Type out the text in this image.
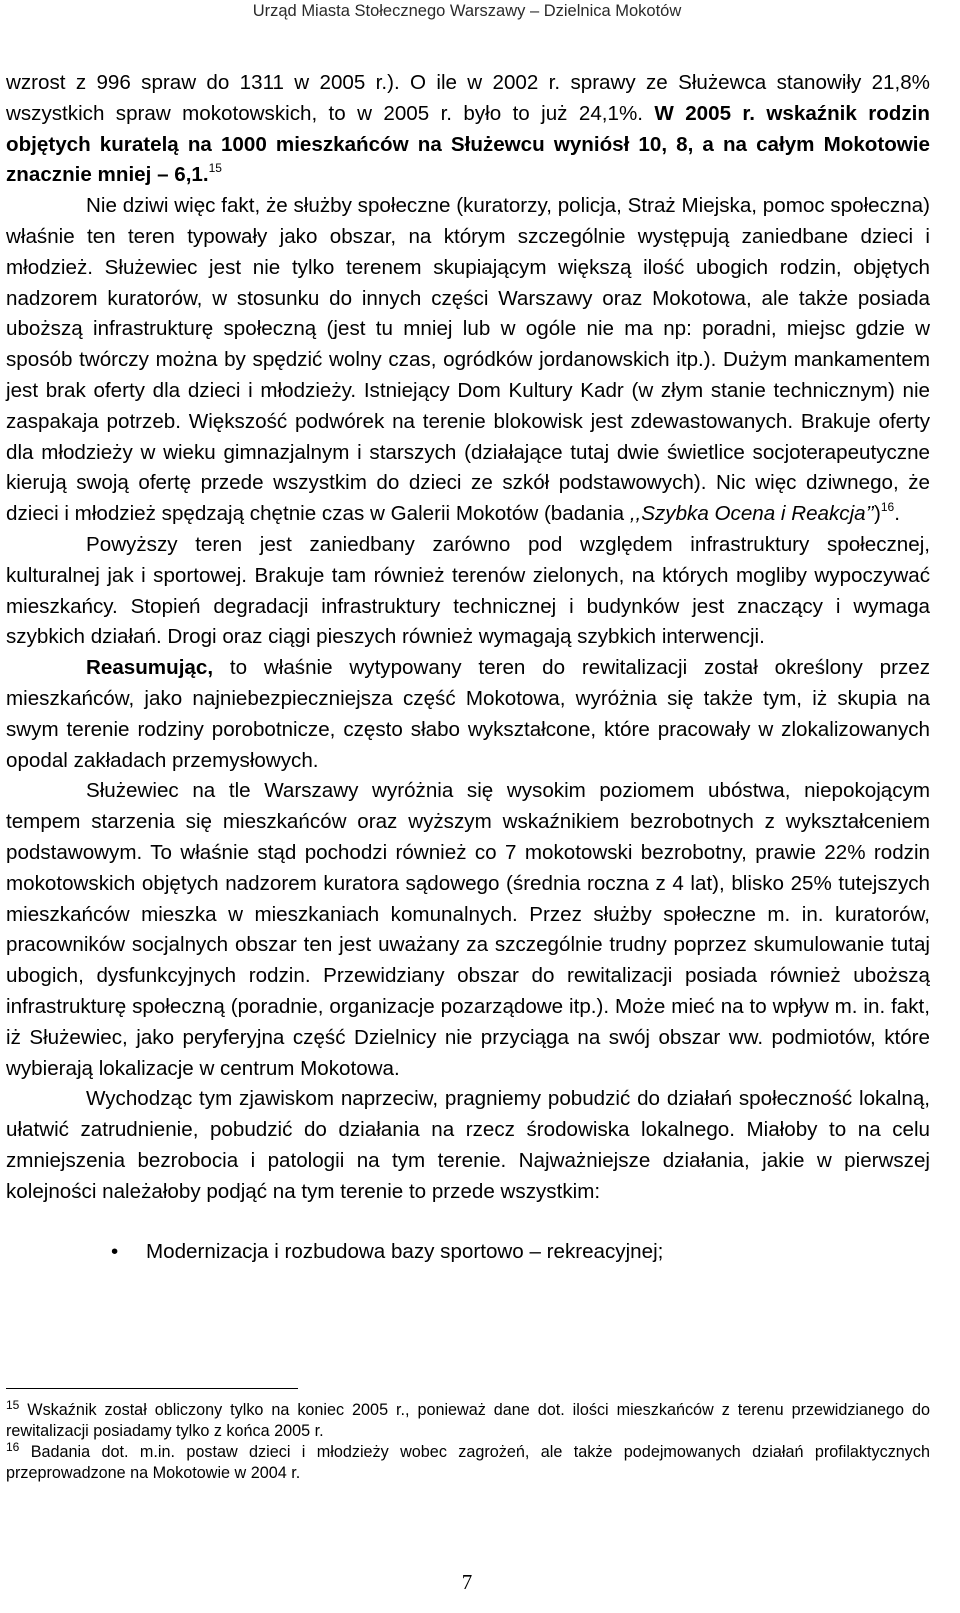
Urząd Miasta Stołecznego Warszawy – Dzielnica Mokotów

wzrost z 996 spraw do 1311 w 2005 r.). O ile w 2002 r. sprawy ze Służewca stanowiły 21,8% wszystkich spraw mokotowskich, to w 2005 r. było to już 24,1%. W 2005 r. wskaźnik rodzin objętych kuratelą na 1000 mieszkańców na Służewcu wyniósł 10, 8, a na całym Mokotowie znacznie mniej – 6,1.15

Nie dziwi więc fakt, że służby społeczne (kuratorzy, policja, Straż Miejska, pomoc społeczna) właśnie ten teren typowały jako obszar, na którym szczególnie występują zaniedbane dzieci i młodzież. Służewiec jest nie tylko terenem skupiającym większą ilość ubogich rodzin, objętych nadzorem kuratorów, w stosunku do innych części Warszawy oraz Mokotowa, ale także posiada uboższą infrastrukturę społeczną (jest tu mniej lub w ogóle nie ma np: poradni, miejsc gdzie w sposób twórczy można by spędzić wolny czas, ogródków jordanowskich itp.). Dużym mankamentem jest brak oferty dla dzieci i młodzieży. Istniejący Dom Kultury Kadr (w złym stanie technicznym) nie zaspakaja potrzeb. Większość podwórek na terenie blokowisk jest zdewastowanych. Brakuje oferty dla młodzieży w wieku gimnazjalnym i starszych (działające tutaj dwie świetlice socjoterapeutyczne kierują swoją ofertę przede wszystkim do dzieci ze szkół podstawowych). Nic więc dziwnego, że dzieci i młodzież spędzają chętnie czas w Galerii Mokotów (badania ,,Szybka Ocena i Reakcja’’)$^{16}$.

Powyższy teren jest zaniedbany zarówno pod względem infrastruktury społecznej, kulturalnej jak i sportowej. Brakuje tam również terenów zielonych, na których mogliby wypoczywać mieszkańcy. Stopień degradacji infrastruktury technicznej i budynków jest znaczący i wymaga szybkich działań. Drogi oraz ciągi pieszych również wymagają szybkich interwencji.

Reasumując, to właśnie wytypowany teren do rewitalizacji został określony przez mieszkańców, jako najniebezpieczniejsza część Mokotowa, wyróżnia się także tym, iż skupia na swym terenie rodziny porobotnicze, często słabo wykształcone, które pracowały w zlokalizowanych opodal zakładach przemysłowych.

Służewiec na tle Warszawy wyróżnia się wysokim poziomem ubóstwa, niepokojącym tempem starzenia się mieszkańców oraz wyższym wskaźnikiem bezrobotnych z wykształceniem podstawowym. To właśnie stąd pochodzi również co 7 mokotowski bezrobotny, prawie 22% rodzin mokotowskich objętych nadzorem kuratora sądowego (średnia roczna z 4 lat), blisko 25% tutejszych mieszkańców mieszka w mieszkaniach komunalnych. Przez służby społeczne m. in. kuratorów, pracowników socjalnych obszar ten jest uważany za szczególnie trudny poprzez skumulowanie tutaj ubogich, dysfunkcyjnych rodzin. Przewidziany obszar do rewitalizacji posiada również uboższą infrastrukturę społeczną (poradnie, organizacje pozarządowe itp.). Może mieć na to wpływ m. in. fakt, iż Służewiec, jako peryferyjna część Dzielnicy nie przyciąga na swój obszar ww. podmiotów, które wybierają lokalizacje w centrum Mokotowa.

Wychodząc tym zjawiskom naprzeciw, pragniemy pobudzić do działań społeczność lokalną, ułatwić zatrudnienie, pobudzić do działania na rzecz środowiska lokalnego. Miałoby to na celu zmniejszenia bezrobocia i patologii na tym terenie. Najważniejsze działania, jakie w pierwszej kolejności należałoby podjąć na tym terenie to przede wszystkim:

• Modernizacja i rozbudowa bazy sportowo – rekreacyjnej;

$^{15}$ Wskaźnik został obliczony tylko na koniec 2005 r., ponieważ dane dot. ilości mieszkańców z terenu przewidzianego do rewitalizacji posiadamy tylko z końca 2005 r.

$^{16}$ Badania dot. m.in. postaw dzieci i młodzieży wobec zagrożeń, ale także podejmowanych działań profilaktycznych przeprowadzone na Mokotowie w 2004 r.

7
